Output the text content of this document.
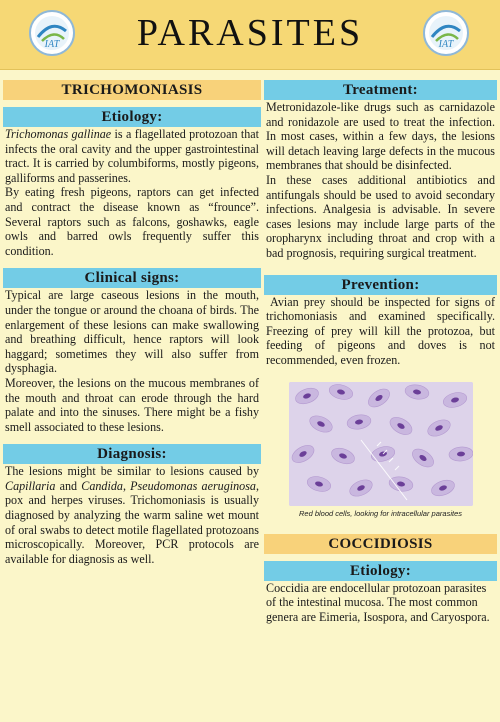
IAT	PARASITES	IAT
TRICHOMONIASIS
Etiology:
Trichomonas gallinae is a flagellated protozoan that infects the oral cavity and the upper gastrointestinal tract. It is carried by columbiforms, mostly pigeons, galliforms and passerines.
By eating fresh pigeons, raptors can get infected and contract the disease known as “frounce”. Several raptors such as falcons, goshawks, eagle owls and barred owls frequently suffer this condition.
Clinical signs:
Typical are large caseous lesions in the mouth, under the tongue or around the choana of birds. The enlargement of these lesions can make swallowing and breathing difficult, hence raptors will look haggard; sometimes they will also suffer from dysphagia.
Moreover, the lesions on the mucous membranes of the mouth and throat can erode through the hard palate and into the sinuses. There might be a fishy smell associated to these lesions.
Diagnosis:
The lesions might be similar to lesions caused by Capillaria and Candida, Pseudomonas aeruginosa, pox and herpes viruses. Trichomoniasis is usually diagnosed by analyzing the warm saline wet mount of oral swabs to detect motile flagellated protozoans microscopically. Moreover, PCR protocols are available for diagnosis as well.
Treatment:
Metronidazole-like drugs such as carnidazole and ronidazole are used to treat the infection. In most cases, within a few days, the lesions will detach leaving large defects in the mucous membranes that should be disinfected.
In these cases additional antibiotics and antifungals should be used to avoid secondary infections. Analgesia is advisable. In severe cases lesions may include large parts of the oropharynx including throat and crop with a bad prognosis, requiring surgical treatment.
Prevention:
Avian prey should be inspected for signs of trichomoniasis and examined specifically. Freezing of prey will kill the protozoa, but feeding of pigeons and doves is not recommended, even frozen.
Red blood cells, looking for intracellular parasites
COCCIDIOSIS
Etiology:
Coccidia are endocellular protozoan parasites of the intestinal mucosa. The most common genera are Eimeria, Isospora, and Caryospora.
